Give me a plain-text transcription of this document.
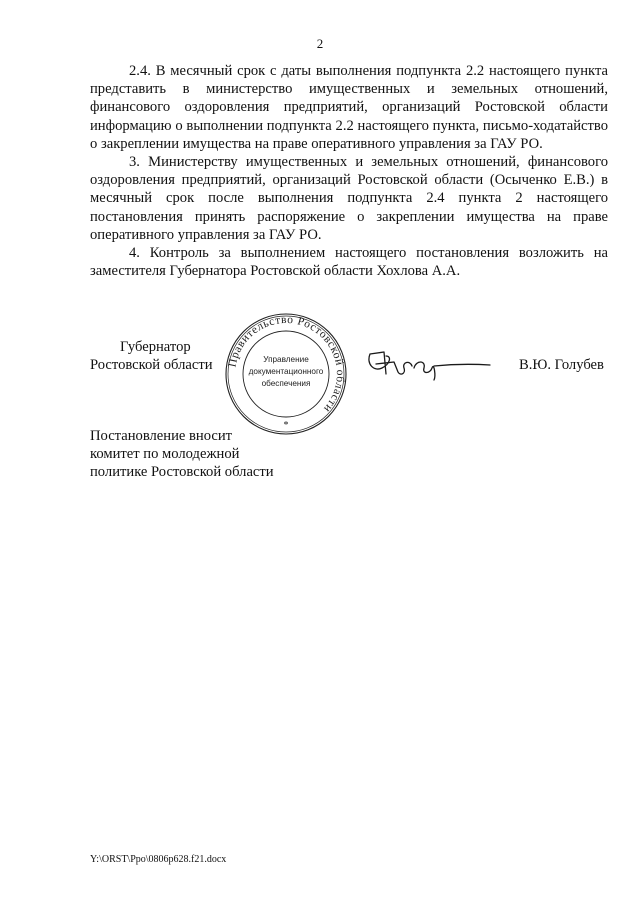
2

2.4. В месячный срок с даты выполнения подпункта 2.2 настоящего пункта представить в министерство имущественных и земельных отношений, финансового оздоровления предприятий, организаций Ростовской области информацию о выполнении подпункта 2.2 настоящего пункта, письмо-ходатайство о закреплении имущества на праве оперативного управления за ГАУ РО.

3. Министерству имущественных и земельных отношений, финансового оздоровления предприятий, организаций Ростовской области (Осыченко Е.В.) в месячный срок после выполнения подпункта 2.4 пункта 2 настоящего постановления принять распоряжение о закреплении имущества на праве оперативного управления за ГАУ РО.

4. Контроль за выполнением настоящего постановления возложить на заместителя Губернатора Ростовской области Хохлова А.А.

Губернатор
Ростовской области	Правительство Ростовской области
Управление
документационного
обеспечения
*
В.Ю. Голубев
Постановление вносит
комитет по молодежной
политике Ростовской области
Y:\ORST\Ppo\0806p628.f21.docx
